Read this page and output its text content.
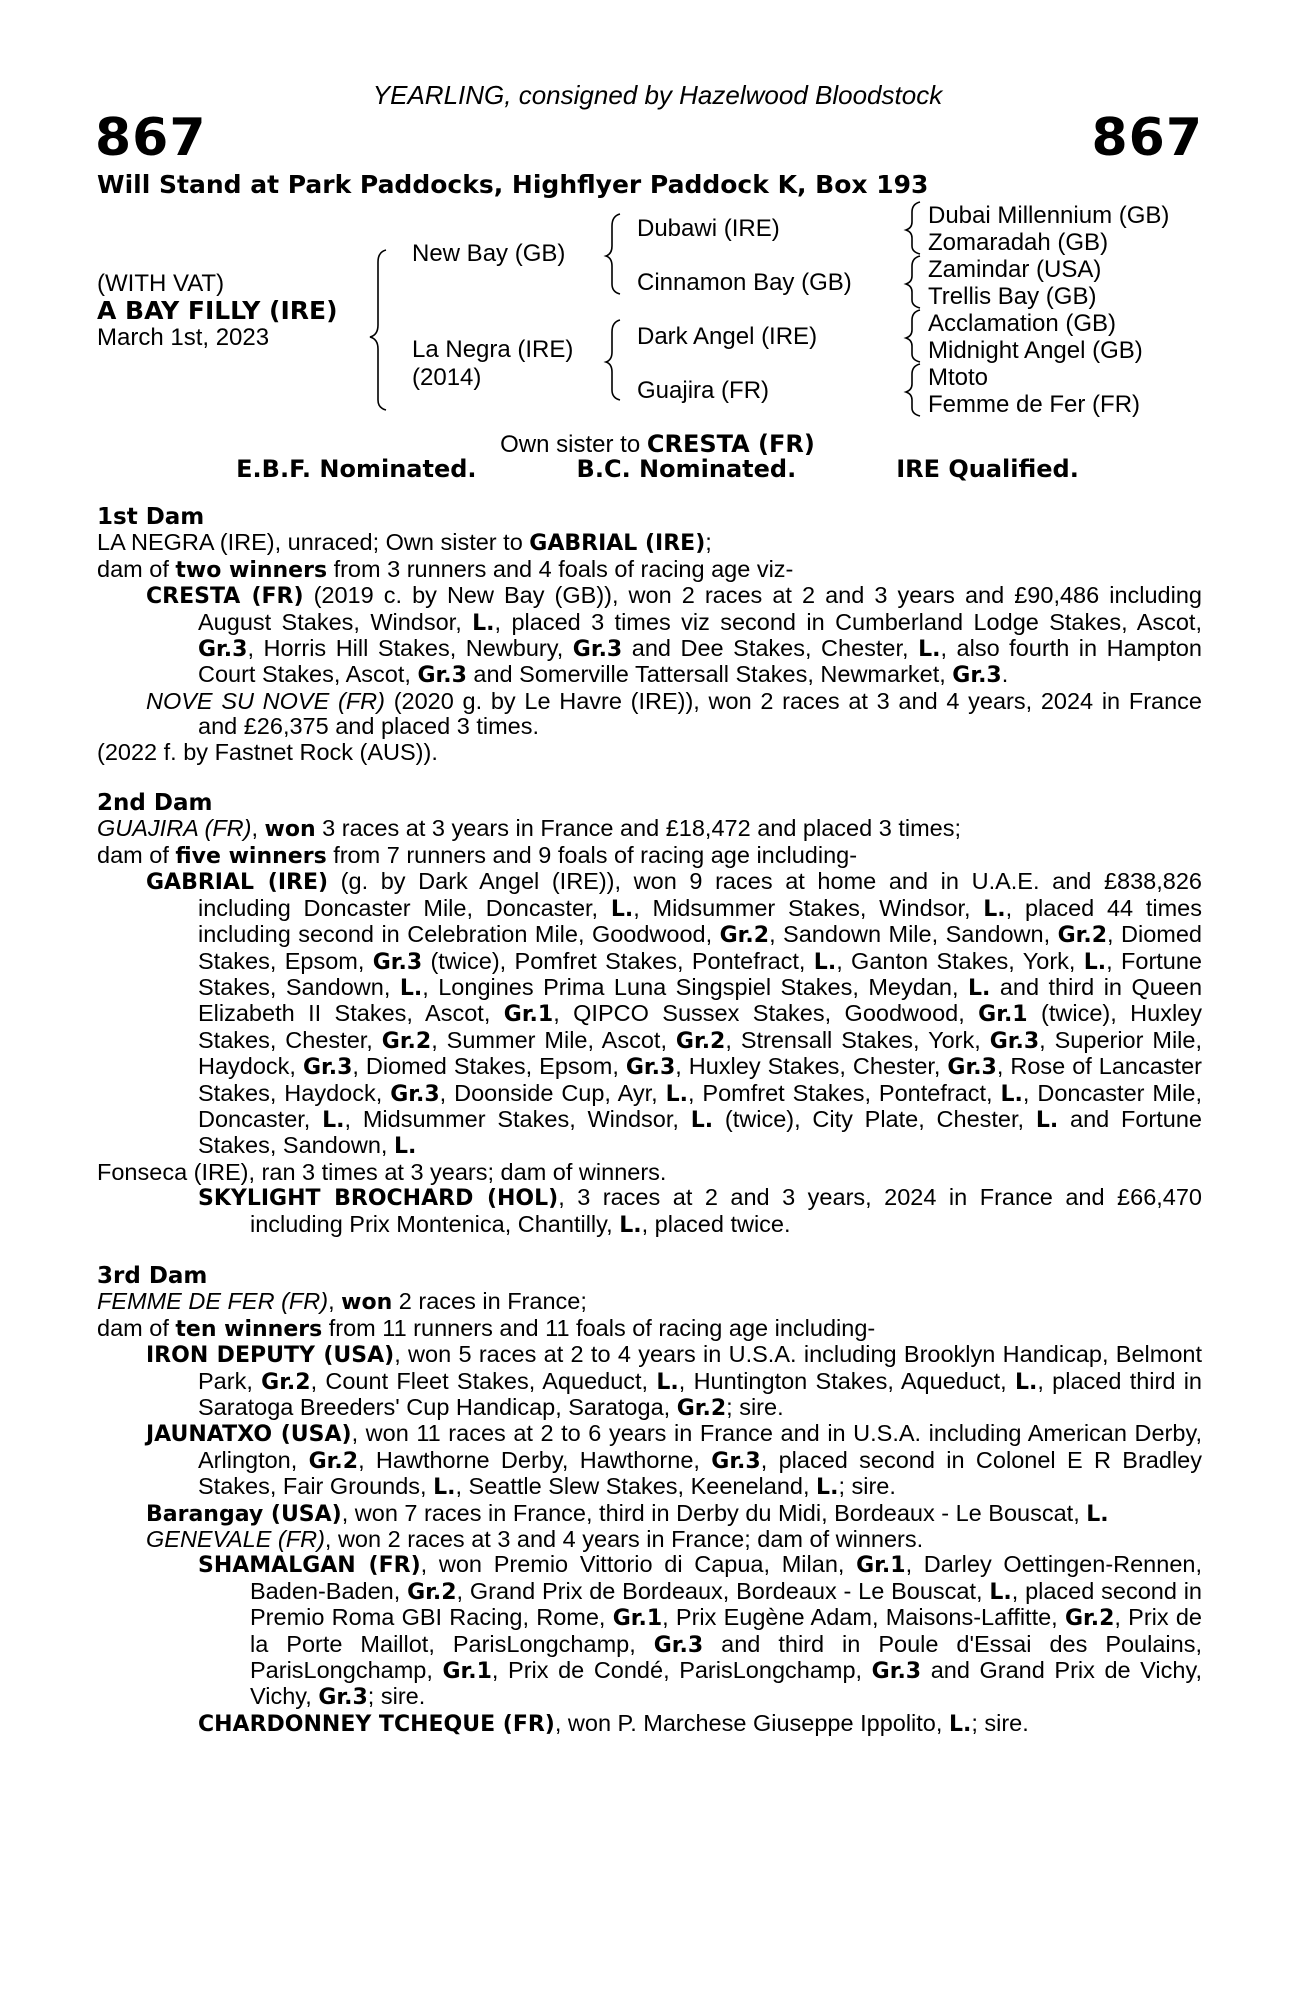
YEARLING, consigned by Hazelwood Bloodstock
867	867
Will Stand at Park Paddocks, Highflyer Paddock K, Box 193
(WITH VAT)
A BAY FILLY (IRE)
March 1st, 2023
New Bay (GB)
La Negra (IRE)
(2014)
Dubawi (IRE)
Cinnamon Bay (GB)
Dark Angel (IRE)
Guajira (FR)
Dubai Millennium (GB)
Zomaradah (GB)
Zamindar (USA)
Trellis Bay (GB)
Acclamation (GB)
Midnight Angel (GB)
Mtoto
Femme de Fer (FR)
Own sister to CRESTA (FR)
E.B.F. Nominated.	B.C. Nominated.	IRE Qualified.
1st Dam

LA NEGRA (IRE), unraced; Own sister to GABRIAL (IRE);

dam of two winners from 3 runners and 4 foals of racing age viz-

CRESTA (FR) (2019 c. by New Bay (GB)), won 2 races at 2 and 3 years and £90,486 including August Stakes, Windsor, L., placed 3 times viz second in Cumberland Lodge Stakes, Ascot, Gr.3, Horris Hill Stakes, Newbury, Gr.3 and Dee Stakes, Chester, L., also fourth in Hampton Court Stakes, Ascot, Gr.3 and Somerville Tattersall Stakes, Newmarket, Gr.3.

NOVE SU NOVE (FR) (2020 g. by Le Havre (IRE)), won 2 races at 3 and 4 years, 2024 in France and £26,375 and placed 3 times.

(2022 f. by Fastnet Rock (AUS)).

2nd Dam

GUAJIRA (FR), won 3 races at 3 years in France and £18,472 and placed 3 times;

dam of five winners from 7 runners and 9 foals of racing age including-

GABRIAL (IRE) (g. by Dark Angel (IRE)), won 9 races at home and in U.A.E. and £838,826 including Doncaster Mile, Doncaster, L., Midsummer Stakes, Windsor, L., placed 44 times including second in Celebration Mile, Goodwood, Gr.2, Sandown Mile, Sandown, Gr.2, Diomed Stakes, Epsom, Gr.3 (twice), Pomfret Stakes, Pontefract, L., Ganton Stakes, York, L., Fortune Stakes, Sandown, L., Longines Prima Luna Singspiel Stakes, Meydan, L. and third in Queen Elizabeth II Stakes, Ascot, Gr.1, QIPCO Sussex Stakes, Goodwood, Gr.1 (twice), Huxley Stakes, Chester, Gr.2, Summer Mile, Ascot, Gr.2, Strensall Stakes, York, Gr.3, Superior Mile, Haydock, Gr.3, Diomed Stakes, Epsom, Gr.3, Huxley Stakes, Chester, Gr.3, Rose of Lancaster Stakes, Haydock, Gr.3, Doonside Cup, Ayr, L., Pomfret Stakes, Pontefract, L., Doncaster Mile, Doncaster, L., Midsummer Stakes, Windsor, L. (twice), City Plate, Chester, L. and Fortune Stakes, Sandown, L.

Fonseca (IRE), ran 3 times at 3 years; dam of winners.

SKYLIGHT BROCHARD (HOL), 3 races at 2 and 3 years, 2024 in France and £66,470 including Prix Montenica, Chantilly, L., placed twice.

3rd Dam

FEMME DE FER (FR), won 2 races in France;

dam of ten winners from 11 runners and 11 foals of racing age including-

IRON DEPUTY (USA), won 5 races at 2 to 4 years in U.S.A. including Brooklyn Handicap, Belmont Park, Gr.2, Count Fleet Stakes, Aqueduct, L., Huntington Stakes, Aqueduct, L., placed third in Saratoga Breeders' Cup Handicap, Saratoga, Gr.2; sire.

JAUNATXO (USA), won 11 races at 2 to 6 years in France and in U.S.A. including American Derby, Arlington, Gr.2, Hawthorne Derby, Hawthorne, Gr.3, placed second in Colonel E R Bradley Stakes, Fair Grounds, L., Seattle Slew Stakes, Keeneland, L.; sire.

Barangay (USA), won 7 races in France, third in Derby du Midi, Bordeaux - Le Bouscat, L.

GENEVALE (FR), won 2 races at 3 and 4 years in France; dam of winners.

SHAMALGAN (FR), won Premio Vittorio di Capua, Milan, Gr.1, Darley Oettingen-Rennen, Baden-Baden, Gr.2, Grand Prix de Bordeaux, Bordeaux - Le Bouscat, L., placed second in Premio Roma GBI Racing, Rome, Gr.1, Prix Eugène Adam, Maisons-Laffitte, Gr.2, Prix de la Porte Maillot, ParisLongchamp, Gr.3 and third in Poule d'Essai des Poulains, ParisLongchamp, Gr.1, Prix de Condé, ParisLongchamp, Gr.3 and Grand Prix de Vichy, Vichy, Gr.3; sire.

CHARDONNEY TCHEQUE (FR), won P. Marchese Giuseppe Ippolito, L.; sire.
